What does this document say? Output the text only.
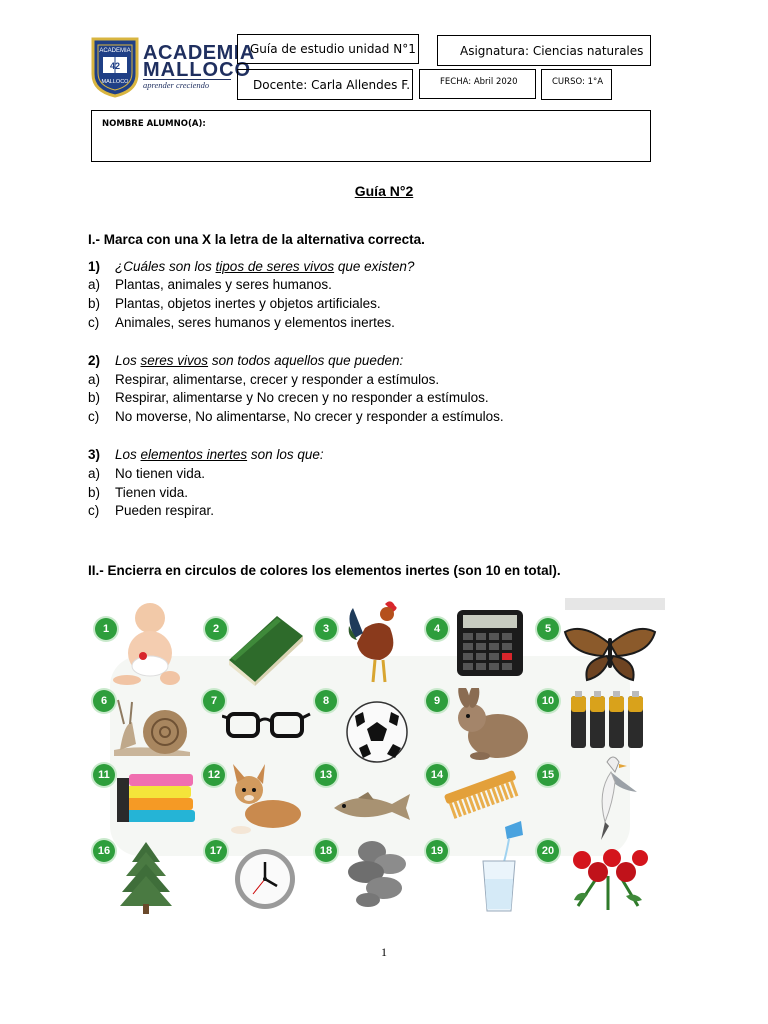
ACADEMIA
42
MALLOCO
ACADEMIA
MALLOCO
aprender creciendo
Guía de estudio unidad N°1	Asignatura: Ciencias naturales
Docente: Carla Allendes F.	FECHA: Abril 2020	CURSO: 1°A
NOMBRE ALUMNO(A):
Guía N°2
I.- Marca con una X la letra de la alternativa correcta.
1) ¿Cuáles son los tipos de seres vivos que existen?
a) Plantas, animales y seres humanos.
b) Plantas, objetos inertes y objetos artificiales.
c) Animales, seres humanos y elementos inertes.
2) Los seres vivos son todos aquellos que pueden:
a) Respirar, alimentarse, crecer y responder a estímulos.
b) Respirar, alimentarse y No crecen y no responder a estímulos.
c) No moverse, No alimentarse, No crecer y responder a estímulos.
3) Los elementos inertes son los que:
a) No tienen vida.
b) Tienen vida.
c) Pueden respirar.
II.- Encierra en circulos de colores los elementos inertes (son 10 en total).
1	2	3	4	5
6	7	8	9	10
11	12	13	14	15
16	17	18	19	20
1
